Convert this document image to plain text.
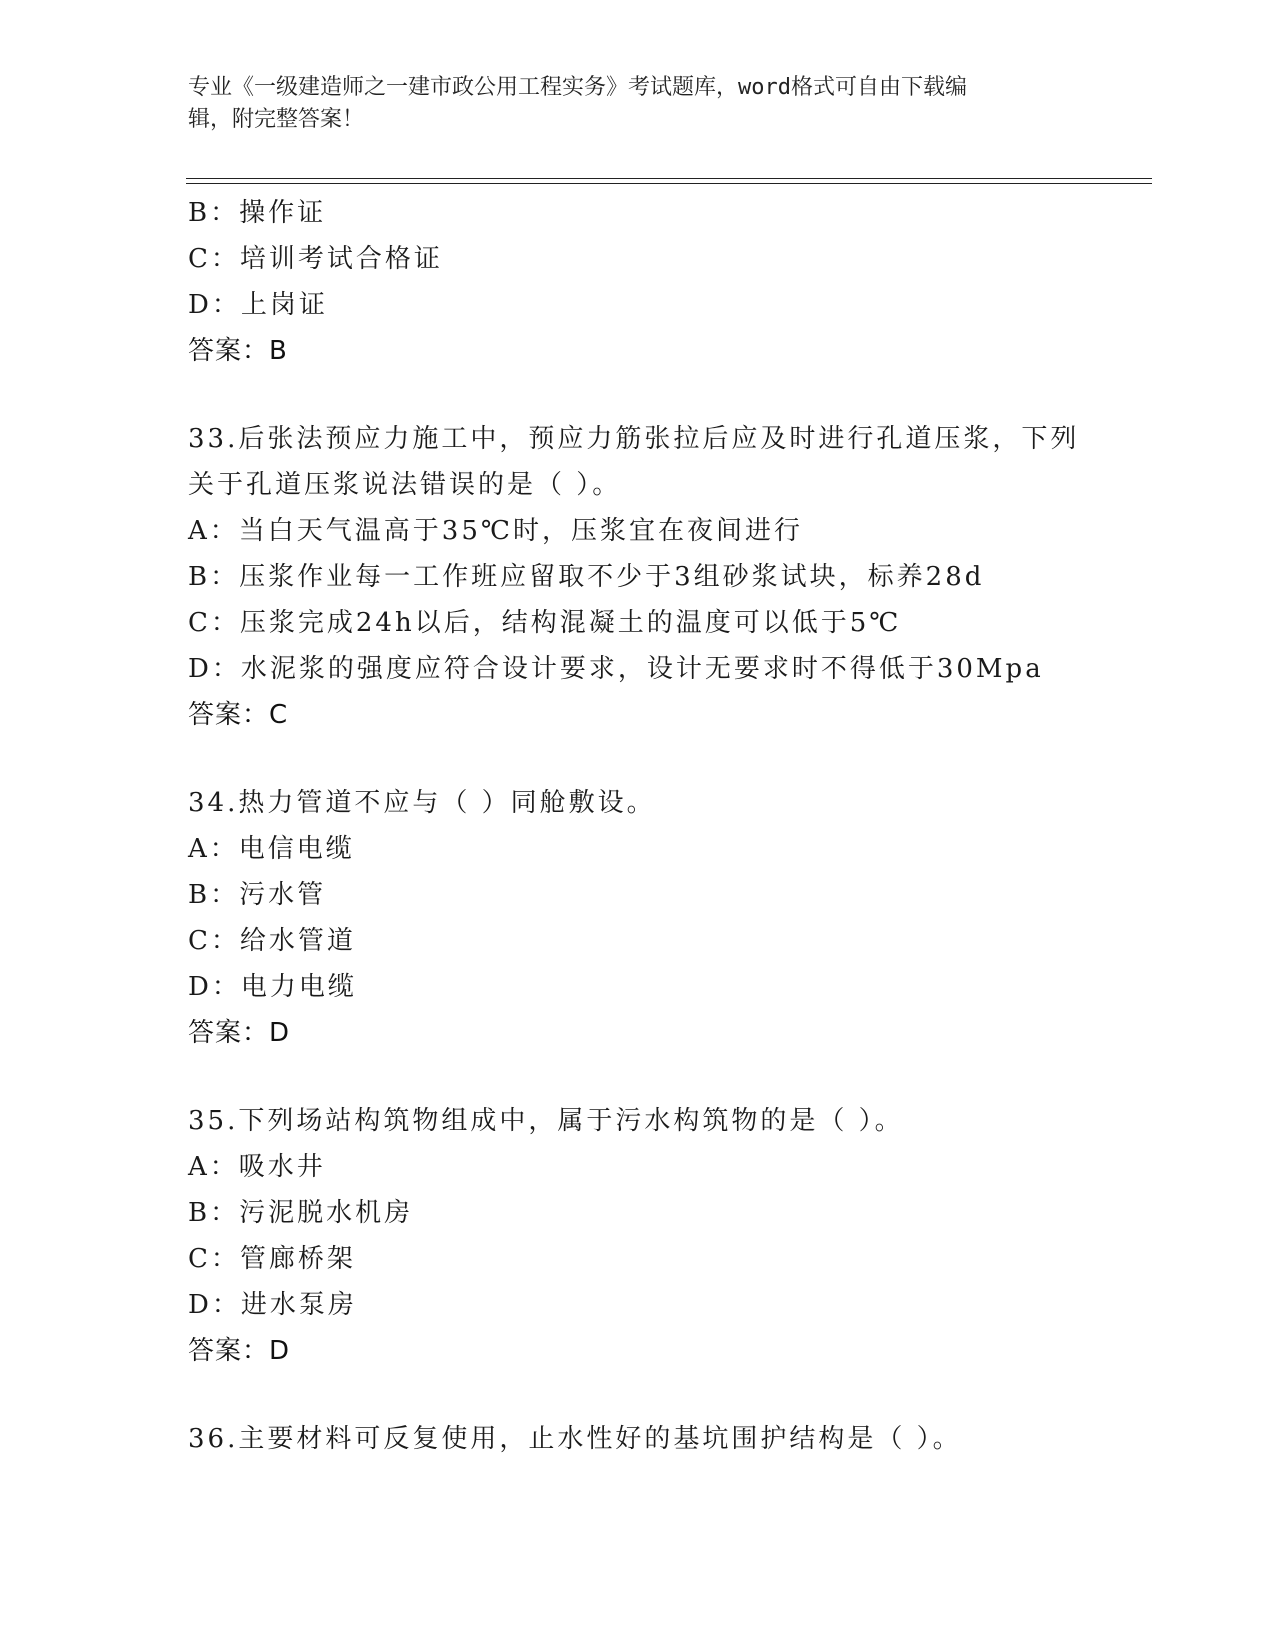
专业《一级建造师之一建市政公用工程实务》考试题库，word格式可自由下载编
辑，附完整答案！
B：操作证
C：培训考试合格证
D：上岗证
答案：B
33.后张法预应力施工中，预应力筋张拉后应及时进行孔道压浆，下列
关于孔道压浆说法错误的是（ ）。
A：当白天气温高于35℃时，压浆宜在夜间进行
B：压浆作业每一工作班应留取不少于3组砂浆试块，标养28d
C：压浆完成24h以后，结构混凝土的温度可以低于5℃
D：水泥浆的强度应符合设计要求，设计无要求时不得低于30Mpa
答案：C
34.热力管道不应与（ ）同舱敷设。
A：电信电缆
B：污水管
C：给水管道
D：电力电缆
答案：D
35.下列场站构筑物组成中，属于污水构筑物的是（ ）。
A：吸水井
B：污泥脱水机房
C：管廊桥架
D：进水泵房
答案：D
36.主要材料可反复使用，止水性好的基坑围护结构是（ ）。
